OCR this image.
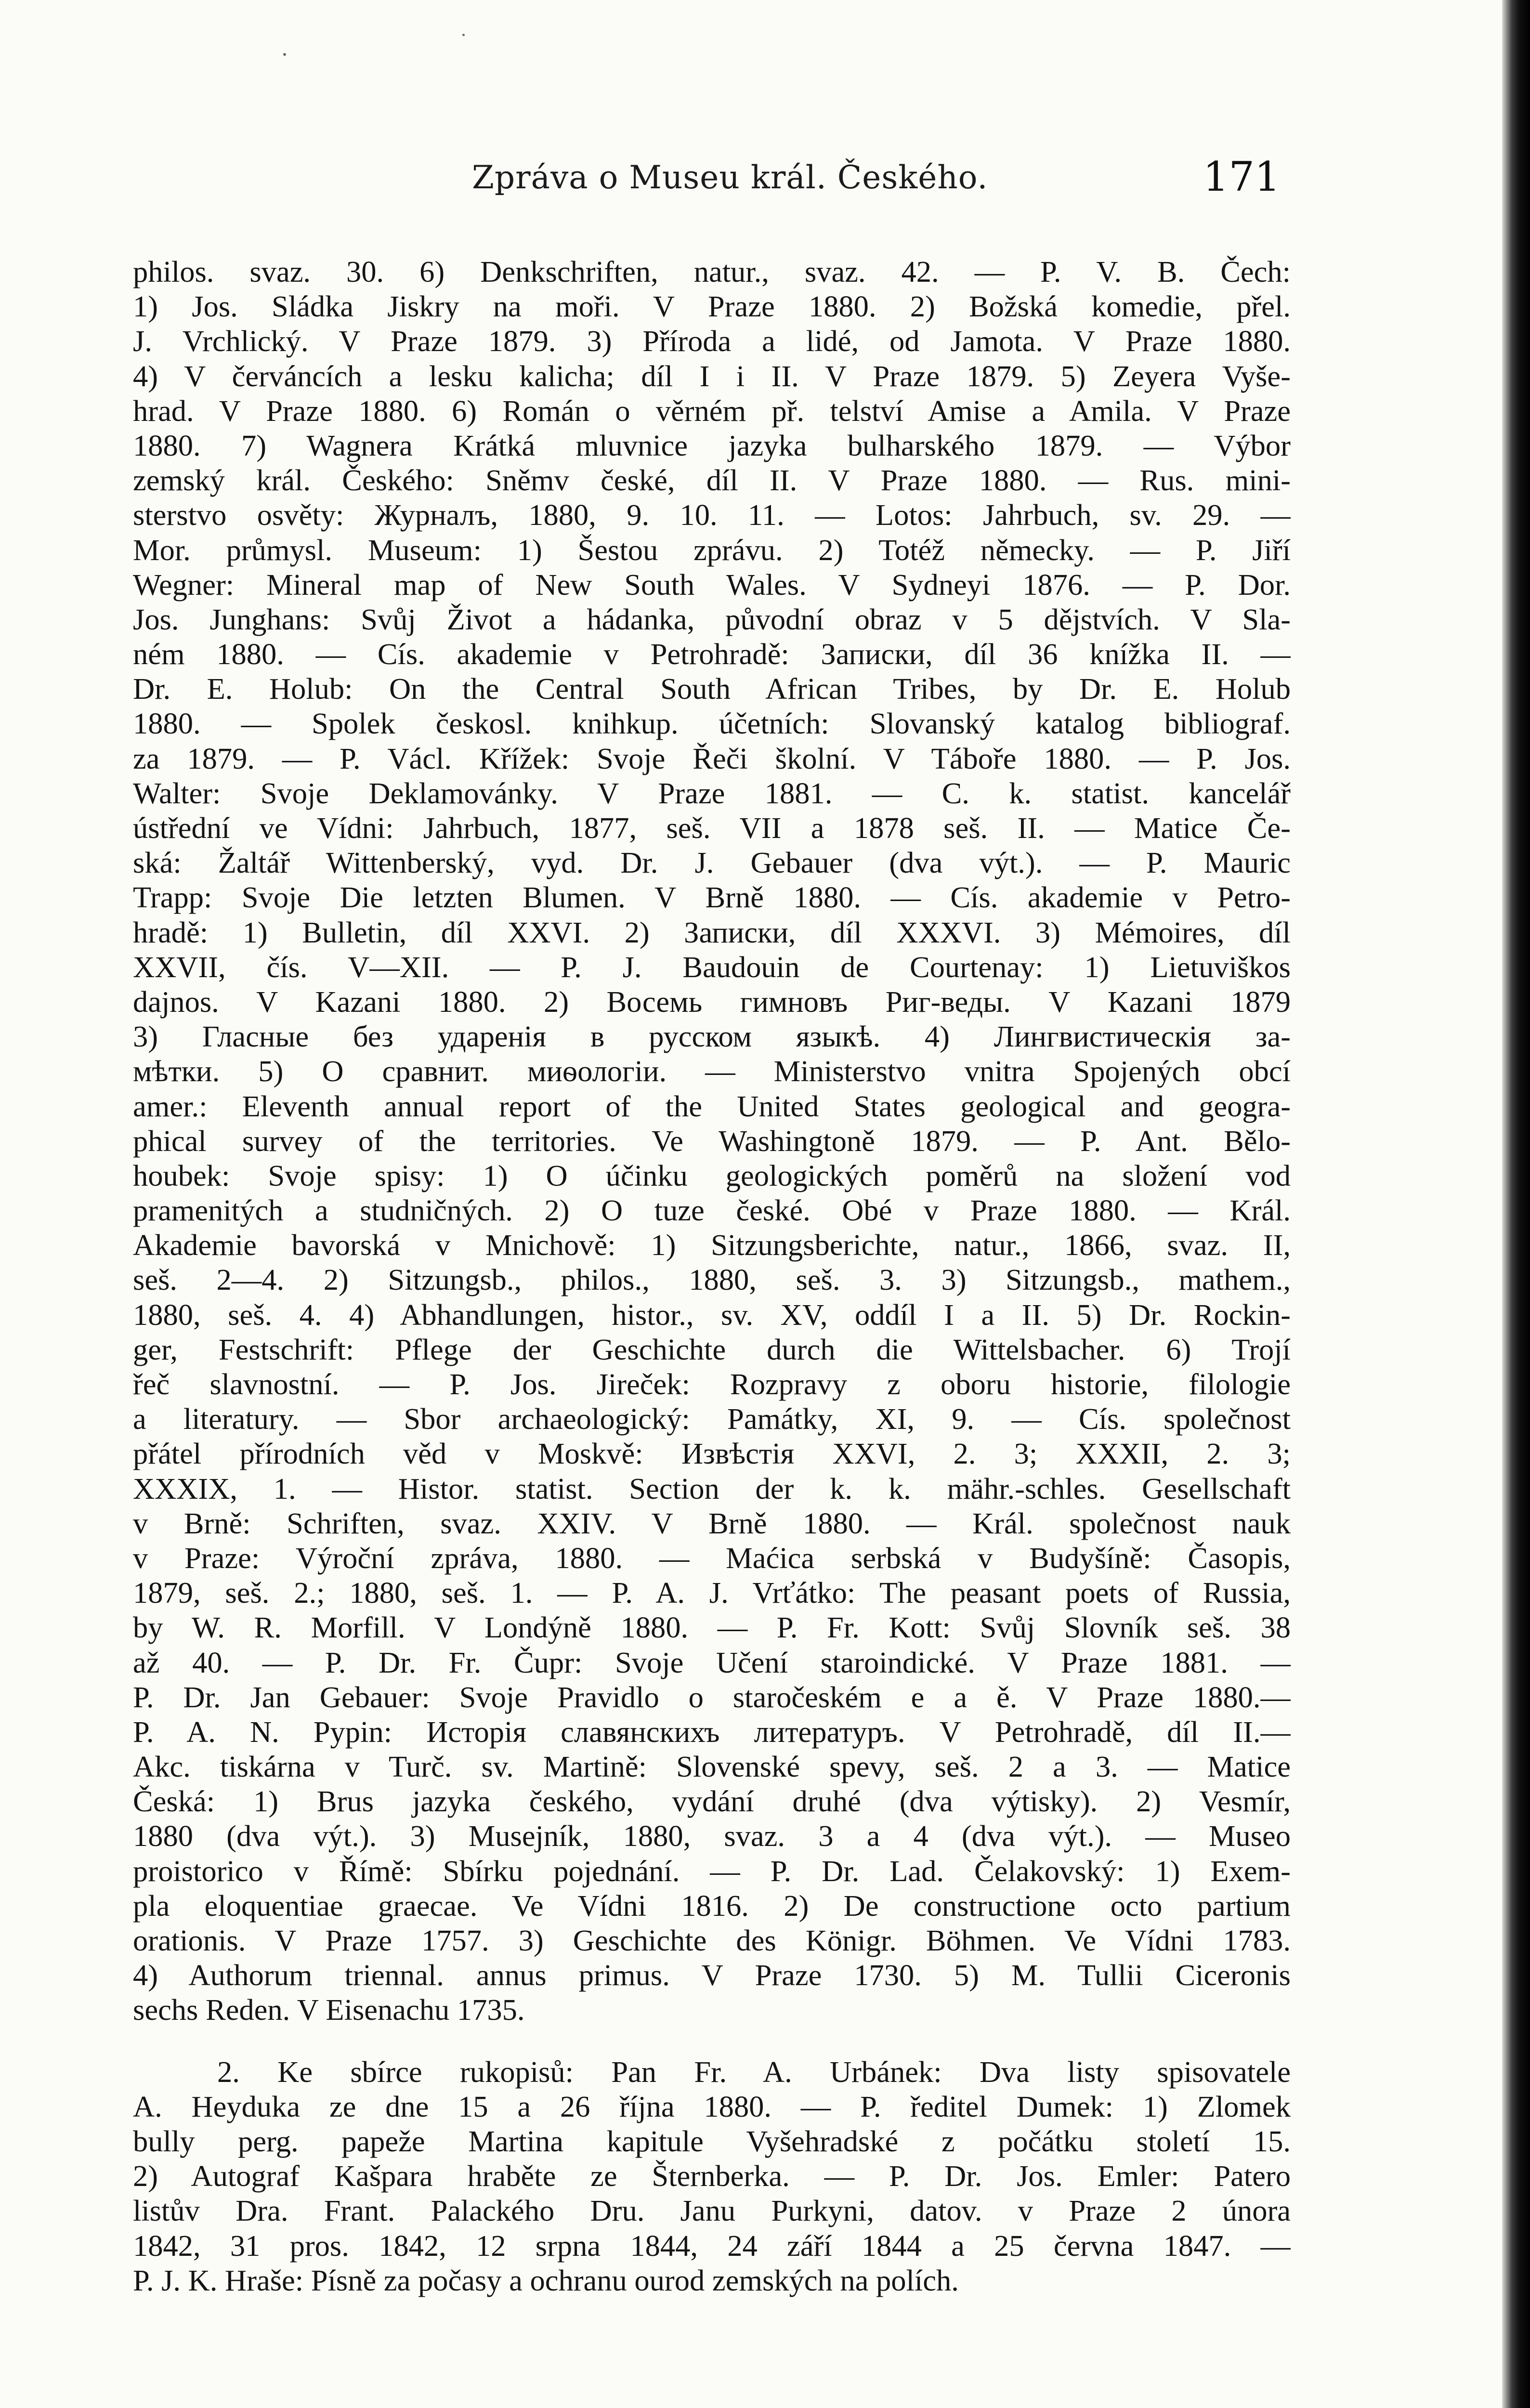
Zpráva o Museu král. Českého.	171
philos. svaz. 30. 6) Denkschriften, natur., svaz. 42. — P. V. B. Čech:
1) Jos. Sládka Jiskry na moři. V Praze 1880. 2) Božská komedie, přel.
J. Vrchlický. V Praze 1879. 3) Příroda a lidé, od Jamota. V Praze 1880.
4) V červáncích a lesku kalicha; díl I i II. V Praze 1879. 5) Zeyera Vyše-
hrad. V Praze 1880. 6) Román o věrném př. telství Amise a Amila. V Praze
1880. 7) Wagnera Krátká mluvnice jazyka bulharského 1879. — Výbor
zemský král. Českého: Sněmv české, díl II. V Praze 1880. — Rus. mini-
sterstvo osvěty: Журналъ, 1880, 9. 10. 11. — Lotos: Jahrbuch, sv. 29. —
Mor. průmysl. Museum: 1) Šestou zprávu. 2) Totéž německy. — P. Jiří
Wegner: Mineral map of New South Wales. V Sydneyi 1876. — P. Dor.
Jos. Junghans: Svůj Život a hádanka, původní obraz v 5 dějstvích. V Sla-
ném 1880. — Cís. akademie v Petrohradě: Записки, díl 36 knížka II. —
Dr. E. Holub: On the Central South African Tribes, by Dr. E. Holub
1880. — Spolek českosl. knihkup. účetních: Slovanský katalog bibliograf.
za 1879. — P. Václ. Křížek: Svoje Řeči školní. V Táboře 1880. — P. Jos.
Walter: Svoje Deklamovánky. V Praze 1881. — C. k. statist. kancelář
ústřední ve Vídni: Jahrbuch, 1877, seš. VII a 1878 seš. II. — Matice Če-
ská: Žaltář Wittenberský, vyd. Dr. J. Gebauer (dva výt.). — P. Mauric
Trapp: Svoje Die letzten Blumen. V Brně 1880. — Cís. akademie v Petro-
hradě: 1) Bulletin, díl XXVI. 2) Записки, díl XXXVI. 3) Mémoires, díl
XXVII, čís. V—XII. — P. J. Baudouin de Courtenay: 1) Lietuviškos
dajnos. V Kazani 1880. 2) Восемь гимновъ Риг-веды. V Kazani 1879
3) Гласные без ударенія в русском языкѣ. 4) Лингвистическія за-
мѣтки. 5) О сравнит. миѳологіи. — Ministerstvo vnitra Spojených obcí
amer.: Eleventh annual report of the United States geological and geogra-
phical survey of the territories. Ve Washingtoně 1879. — P. Ant. Bělo-
houbek: Svoje spisy: 1) O účinku geologických poměrů na složení vod
pramenitých a studničných. 2) O tuze české. Obé v Praze 1880. — Král.
Akademie bavorská v Mnichově: 1) Sitzungsberichte, natur., 1866, svaz. II,
seš. 2—4. 2) Sitzungsb., philos., 1880, seš. 3. 3) Sitzungsb., mathem.,
1880, seš. 4. 4) Abhandlungen, histor., sv. XV, oddíl I a II. 5) Dr. Rockin-
ger, Festschrift: Pflege der Geschichte durch die Wittelsbacher. 6) Trojí
řeč slavnostní. — P. Jos. Jireček: Rozpravy z oboru historie, filologie
a literatury. — Sbor archaeologický: Památky, XI, 9. — Cís. společnost
přátel přírodních věd v Moskvě: Извѣстія XXVI, 2. 3; XXXII, 2. 3;
XXXIX, 1. — Histor. statist. Section der k. k. mähr.-schles. Gesellschaft
v Brně: Schriften, svaz. XXIV. V Brně 1880. — Král. společnost nauk
v Praze: Výroční zpráva, 1880. — Maćica serbská v Budyšíně: Časopis,
1879, seš. 2.; 1880, seš. 1. — P. A. J. Vrťátko: The peasant poets of Russia,
by W. R. Morfill. V Londýně 1880. — P. Fr. Kott: Svůj Slovník seš. 38
až 40. — P. Dr. Fr. Čupr: Svoje Učení staroindické. V Praze 1881. —
P. Dr. Jan Gebauer: Svoje Pravidlo o staročeském e a ě. V Praze 1880.—
P. A. N. Pypin: Исторія славянскихъ литературъ. V Petrohradě, díl II.—
Akc. tiskárna v Turč. sv. Martině: Slovenské spevy, seš. 2 a 3. — Matice
Česká: 1) Brus jazyka českého, vydání druhé (dva výtisky). 2) Vesmír,
1880 (dva výt.). 3) Musejník, 1880, svaz. 3 a 4 (dva výt.). — Museo
proistorico v Římě: Sbírku pojednání. — P. Dr. Lad. Čelakovský: 1) Exem-
pla eloquentiae graecae. Ve Vídni 1816. 2) De constructione octo partium
orationis. V Praze 1757. 3) Geschichte des Königr. Böhmen. Ve Vídni 1783.
4) Authorum triennal. annus primus. V Praze 1730. 5) M. Tullii Ciceronis
sechs Reden. V Eisenachu 1735.
2. Ke sbírce rukopisů: Pan Fr. A. Urbánek: Dva listy spisovatele
A. Heyduka ze dne 15 a 26 října 1880. — P. ředitel Dumek: 1) Zlomek
bully perg. papeže Martina kapitule Vyšehradské z počátku století 15.
2) Autograf Kašpara hraběte ze Šternberka. — P. Dr. Jos. Emler: Patero
listův Dra. Frant. Palackého Dru. Janu Purkyni, datov. v Praze 2 února
1842, 31 pros. 1842, 12 srpna 1844, 24 září 1844 a 25 června 1847. —
P. J. K. Hraše: Písně za počasy a ochranu ourod zemských na polích.
